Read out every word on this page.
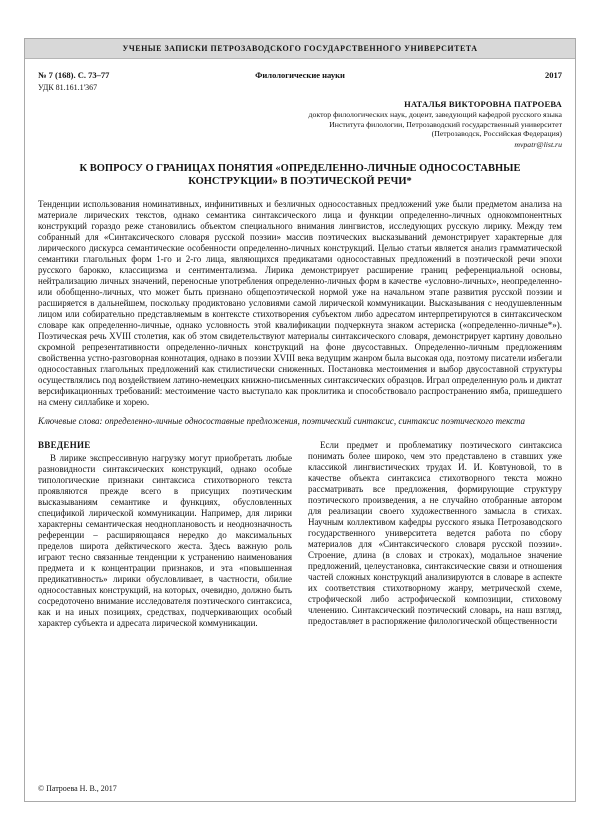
УЧЕНЫЕ ЗАПИСКИ ПЕТРОЗАВОДСКОГО ГОСУДАРСТВЕННОГО УНИВЕРСИТЕТА
№ 7 (168). С. 73–77	Филологические науки	2017
УДК 81.161.1'367
НАТАЛЬЯ ВИКТОРОВНА ПАТРОЕВА
доктор филологических наук, доцент, заведующий кафедрой русского языка Института филологии, Петрозаводский государственный университет (Петрозаводск, Российская Федерация)
mvpatr@list.ru
К ВОПРОСУ О ГРАНИЦАХ ПОНЯТИЯ «ОПРЕДЕЛЕННО-ЛИЧНЫЕ ОДНОСОСТАВНЫЕ КОНСТРУКЦИИ» В ПОЭТИЧЕСКОЙ РЕЧИ*

Тенденции использования номинативных, инфинитивных и безличных односоставных предложений уже были предметом анализа на материале лирических текстов, однако семантика синтаксического лица и функции определенно-личных однокомпонентных конструкций гораздо реже становились объектом специального внимания лингвистов, исследующих русскую лирику. Между тем собранный для «Синтаксического словаря русской поэзии» массив поэтических высказываний демонстрирует характерные для лирического дискурса семантические особенности определенно-личных конструкций. Целью статьи является анализ грамматической семантики глагольных форм 1-го и 2-го лица, являющихся предикатами односоставных предложений в поэтической речи эпохи русского барокко, классицизма и сентиментализма. Лирика демонстрирует расширение границ референциальной основы, нейтрализацию личных значений, переносные употребления определенно-личных форм в качестве «условно-личных», неопределенно- или обобщенно-личных, что может быть признано общепоэтической нормой уже на начальном этапе развития русской поэзии и расширяется в дальнейшем, поскольку продиктовано условиями самой лирической коммуникации. Высказывания с неодушевленным лицом или собирательно представляемым в контексте стихотворения субъектом либо адресатом интерпретируются в синтаксическом словаре как определенно-личные, однако условность этой квалификации подчеркнута знаком астериска («определенно-личные*»). Поэтическая речь XVIII столетия, как об этом свидетельствуют материалы синтаксического словаря, демонстрирует картину довольно скромной репрезентативности определенно-личных конструкций на фоне двусоставных. Определенно-личным предложениям свойственна устно-разговорная коннотация, однако в поэзии XVIII века ведущим жанром была высокая ода, поэтому писатели избегали односоставных глагольных предложений как стилистически сниженных. Постановка местоимения и выбор двусоставной структуры осуществлялись под воздействием латино-немецких книжно-письменных синтаксических образцов. Играл определенную роль и диктат версификационных требований: местоимение часто выступало как проклитика и способствовало распространению ямба, пришедшего на смену силлабике и хорею.

Ключевые слова: определенно-личные односоставные предложения, поэтический синтаксис, синтаксис поэтического текста

ВВЕДЕНИЕ

В лирике экспрессивную нагрузку могут приобретать любые разновидности синтаксических конструкций, однако особые типологические признаки синтаксиса стихотворного текста проявляются прежде всего в присущих поэтическим высказываниям семантике и функциях, обусловленных спецификой лирической коммуникации. Например, для лирики характерны семантическая неодноплановость и неоднозначность референции – расширяющаяся нередко до максимальных пределов широта дейктического жеста. Здесь важную роль играют тесно связанные тенденции к устранению наименования предмета и к концентрации признаков, и эта «повышенная предикативность» лирики обусловливает, в частности, обилие односоставных конструкций, на которых, очевидно, должно быть сосредоточено внимание исследователя поэтического синтаксиса, как и на иных позициях, средствах, подчеркивающих особый характер субъекта и адресата лирической коммуникации.

Если предмет и проблематику поэтического синтаксиса понимать более широко, чем это представлено в ставших уже классикой лингвистических трудах И. И. Ковтуновой, то в качестве объекта синтаксиса стихотворного текста можно рассматривать все предложения, формирующие структуру поэтического произведения, а не случайно отобранные автором для реализации своего художественного замысла в стихах. Научным коллективом кафедры русского языка Петрозаводского государственного университета ведется работа по сбору материалов для «Синтаксического словаря русской поэзии». Строение, длина (в словах и строках), модальное значение предложений, целеустановка, синтаксические связи и отношения частей сложных конструкций анализируются в словаре в аспекте их соответствия стихотворному жанру, метрической схеме, строфической либо астрофической композиции, стиховому членению. Синтаксический поэтический словарь, на наш взгляд, предоставляет в распоряжение филологической общественности

© Патроева Н. В., 2017
